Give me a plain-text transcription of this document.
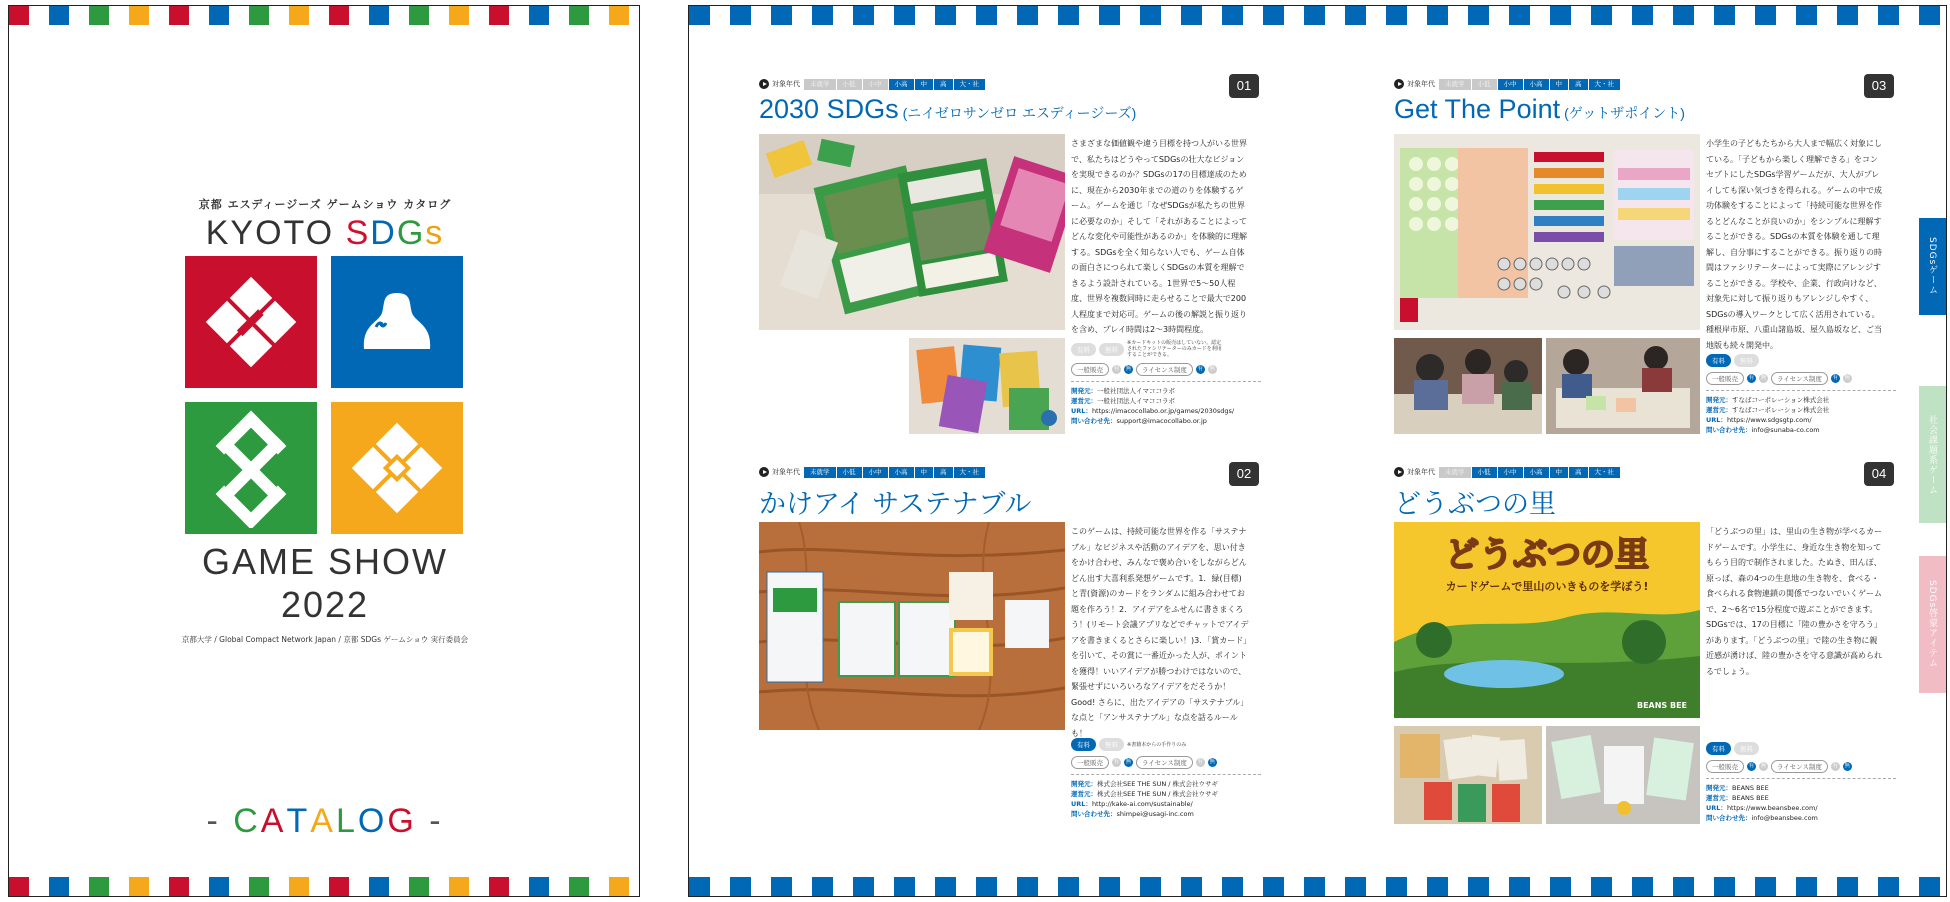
京都 エスディージーズ ゲームショウ カタログ
KYOTO SDGs
GAME SHOW
2022
京都大学 / Global Compact Network Japan / 京都 SDGs ゲームショウ 実行委員会
- CATALOG -
対象年代	未就学	小低	小中	小高	中	高	大・社	01
2030 SDGs (ニイゼロサンゼロ エスディージーズ)
さまざまな価値観や違う目標を持つ人がいる世界で、私たちはどうやってSDGsの壮大なビジョンを実現できるのか？SDGsの17の目標達成のために、現在から2030年までの道のりを体験するゲーム。ゲームを通じ「なぜSDGsが私たちの世界に必要なのか」そして「それがあることによってどんな変化や可能性があるのか」を体験的に理解する。SDGsを全く知らない人でも、ゲーム自体の面白さにつられて楽しくSDGsの本質を理解できるよう設計されている。1世界で5〜50人程度、世界を複数同時に走らせることで最大で200人程度まで対応可。ゲームの後の解説と振り返りを含め、プレイ時間は2〜3時間程度。
有料	無料
※カードキットの販売はしていない。認定されたファシリテーターのみカードを利用することができる。
一般販売	有	無	ライセンス制度	有	無
開発元：一般社団法人イマココラボ
運営元：一般社団法人イマココラボ
URL：https://imacocollabo.or.jp/games/2030sdgs/
問い合わせ先：support@imacocollabo.or.jp
対象年代	未就学	小低	小中	小高	中	高	大・社	03
Get The Point (ゲットザポイント)
小学生の子どもたちから大人まで幅広く対象にしている。「子どもから楽しく理解できる」をコンセプトにしたSDGs学習ゲームだが、大人がプレイしても深い気づきを得られる。ゲームの中で成功体験をすることによって「持続可能な世界を作るとどんなことが良いのか」をシンプルに理解することができる。SDGsの本質を体験を通して理解し、自分事にすることができる。振り返りの時間はファシリテーターによって実際にアレンジすることができる。学校や、企業、行政向けなど、対象先に対して振り返りもアレンジしやすく、SDGsの導入ワークとして広く活用されている。種根岸市原、八重山諸島坂、屋久島坂など、ご当地版も続々開発中。
有料	無料
一般販売	有	無	ライセンス制度	有	無
開発元：すなばコーポレーション株式会社
運営元：すなばコーポレーション株式会社
URL：https://www.sdgsgtp.com/
問い合わせ先：info@sunaba-co.com
対象年代	未就学	小低	小中	小高	中	高	大・社	02
かけアイ サステナブル
このゲームは、持続可能な世界を作る「サステナブル」なビジネスや活動のアイデアを、思い付きをかけ合わせ、みんなで褒め合いをしながらどんどん出す大喜利系発想ゲームです。1．緑(目標)と青(資源)のカードをランダムに組み合わせてお題を作ろう！2．アイデアをふせんに書きまくろう！(リモート会議アプリなどでチャットでアイデアを書きまくるとさらに楽しい！)3．「賞カード」を引いて、その賞に一番近かった人が、ポイントを獲得！いいアイデアが勝つわけではないので、緊張せずにいろいろなアイデアをだそうか！Good! さらに、出たアイデアの「サステナブル」な点と「アンサステナブル」な点を話るルールも！
有料	無料	※書籍本からの手作りのみ
一般販売	有	無	ライセンス制度	有	無
開発元：株式会社SEE THE SUN / 株式会社ウサギ
運営元：株式会社SEE THE SUN / 株式会社ウサギ
URL：http://kake-ai.com/sustainable/
問い合わせ先：shimpei@usagi-inc.com
対象年代	未就学	小低	小中	小高	中	高	大・社	04
どうぶつの里
どうぶつの里
カードゲームで里山のいきものを学ぼう!
BEANS BEE
「どうぶつの里」は、里山の生き物が学べるカードゲームです。小学生に、身近な生き物を知ってもらう目的で制作されました。たぬき、田んぼ、原っぱ、森の4つの生息地の生き物を、食べる・食べられる食物連鎖の関係でつないでいくゲームで、2〜6名で15分程度で遊ぶことができます。SDGsでは、17の目標に「陸の豊かさを守ろう」があります。「どうぶつの里」で陸の生き物に親近感が湧けば、陸の豊かさを守る意識が高められるでしょう。
有料	無料
一般販売	有	無	ライセンス制度	有	無
開発元：BEANS BEE
運営元：BEANS BEE
URL：https://www.beansbee.com/
問い合わせ先：info@beansbee.com
SDGsゲーム
社会課題系ゲーム
SDGs啓蒙アイテム
